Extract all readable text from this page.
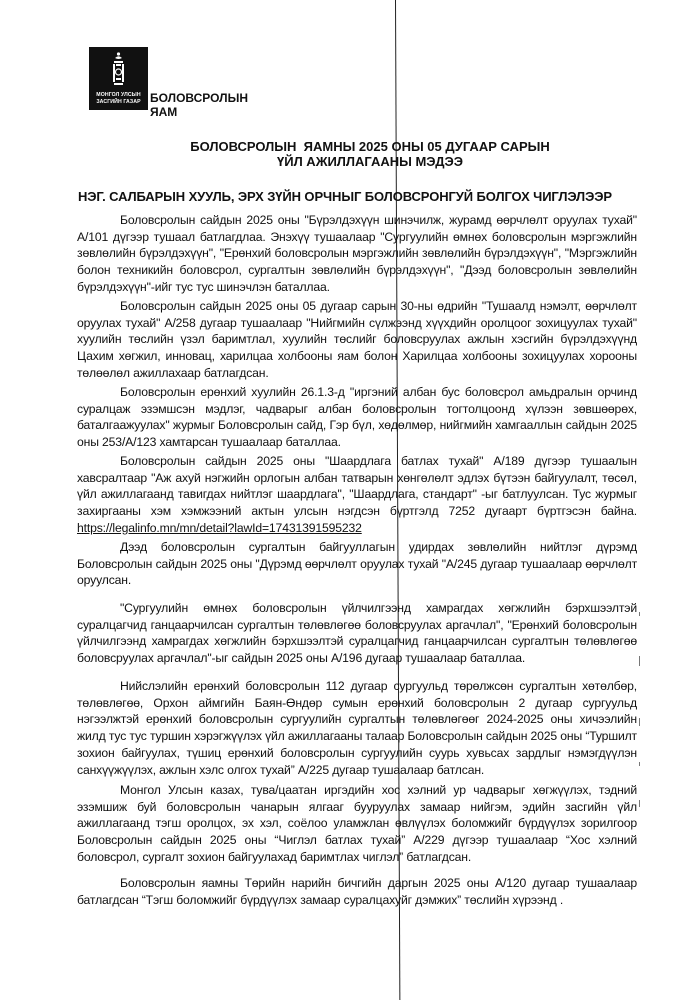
МОНГОЛ УЛСЫН
ЗАСГИЙН ГАЗАР БОЛОВСРОЛЫН
ЯАМ
БОЛОВСРОЛЫН  ЯАМНЫ 2025 ОНЫ 05 ДУГААР САРЫН
ҮЙЛ АЖИЛЛАГААНЫ МЭДЭЭ
НЭГ. САЛБАРЫН ХУУЛЬ, ЭРХ ЗҮЙН ОРЧНЫГ БОЛОВСРОНГУЙ БОЛГОХ ЧИГЛЭЛЭЭР
Боловсролын сайдын 2025 оны "Бүрэлдэхүүн шинэчилж, журамд өөрчлөлт оруулах тухай" А/101 дүгээр тушаал батлагдлаа. Энэхүү тушаалаар "Сургуулийн өмнөх боловсролын мэргэжлийн зөвлөлийн бүрэлдэхүүн", "Ерөнхий боловсролын мэргэжлийн зөвлөлийн бүрэлдэхүүн", "Мэргэжлийн болон техникийн боловсрол, сургалтын зөвлөлийн бүрэлдэхүүн", "Дээд боловсролын зөвлөлийн бүрэлдэхүүн"-ийг тус тус шинэчлэн баталлаа.
Боловсролын сайдын 2025 оны 05 дугаар сарын 30-ны өдрийн "Тушаалд нэмэлт, өөрчлөлт оруулах тухай" А/258 дугаар тушаалаар "Нийгмийн сүлжээнд хүүхдийн оролцоог зохицуулах тухай" хуулийн төслийн үзэл баримтлал, хуулийн төслийг боловсруулах ажлын хэсгийн бүрэлдэхүүнд Цахим хөгжил, инновац, харилцаа холбооны яам болон Харилцаа холбооны зохицуулах хорооны төлөөлөл ажиллахаар батлагдсан.
Боловсролын ерөнхий хуулийн 26.1.3-д "иргэний албан бус боловсрол амьдралын орчинд суралцаж эзэмшсэн мэдлэг, чадварыг албан боловсролын тогтолцоонд хүлээн зөвшөөрөх, баталгаажуулах" журмыг Боловсролын сайд, Гэр бүл, хөдөлмөр, нийгмийн хамгааллын сайдын 2025 оны 253/А/123 хамтарсан тушаалаар баталлаа.
Боловсролын сайдын 2025 оны "Шаардлага батлах тухай" А/189 дүгээр тушаалын хавсралтаар "Аж ахуй нэгжийн орлогын албан татварын хөнгөлөлт эдлэх бүтээн байгуулалт, төсөл, үйл ажиллагаанд тавигдах нийтлэг шаардлага", "Шаардлага, стандарт" -ыг батлуулсан. Тус журмыг захиргааны хэм хэмжээний актын улсын нэгдсэн бүртгэлд 7252 дугаарт бүртгэсэн байна. https://legalinfo.mn/mn/detail?lawId=17431391595232
Дээд боловсролын сургалтын байгууллагын удирдах зөвлөлийн нийтлэг дүрэмд Боловсролын сайдын 2025 оны "Дүрэмд өөрчлөлт оруулах тухай "А/245 дугаар тушаалаар өөрчлөлт оруулсан.
"Сургуулийн өмнөх боловсролын үйлчилгээнд хамрагдах хөгжлийн бэрхшээлтэй суралцагчид ганцаарчилсан сургалтын төлөвлөгөө боловсруулах аргачлал", "Ерөнхий боловсролын үйлчилгээнд хамрагдах хөгжлийн бэрхшээлтэй суралцагчид ганцаарчилсан сургалтын төлөвлөгөө боловсруулах аргачлал"-ыг сайдын 2025 оны А/196 дугаар тушаалаар баталлаа.
Нийслэлийн ерөнхий боловсролын 112 дугаар сургуульд төрөлжсөн сургалтын хөтөлбөр, төлөвлөгөө, Орхон аймгийн Баян-Өндөр сумын ерөнхий боловсролын 2 дугаар сургуульд нэгээлжтэй ерөнхий боловсролын сургуулийн сургалтын төлөвлөгөөг 2024-2025 оны хичээлийн жилд тус тус туршин хэрэгжүүлэх үйл ажиллагааны талаар Боловсролын сайдын 2025 оны “Туршилт зохион байгуулах, түшиц ерөнхий боловсролын сургуулийн суурь хувьсах зардлыг нэмэгдүүлэн санхүүжүүлэх, ажлын хэлс олгох тухай” А/225 дугаар тушаалаар батлсан.
Монгол Улсын казах, тува/цаатан иргэдийн хос хэлний ур чадварыг хөгжүүлэх, тэдний эзэмшиж буй боловсролын чанарын ялгааг бууруулах замаар нийгэм, эдийн засгийн үйл ажиллагаанд тэгш оролцох, эх хэл, соёлоо уламжлан өвлүүлэх боломжийг бүрдүүлэх зорилгоор Боловсролын сайдын 2025 оны “Чиглэл батлах тухай” А/229 дүгээр тушаалаар “Хос хэлний боловсрол, сургалт зохион байгуулахад баримтлах чиглэл” батлагдсан.
Боловсролын яамны Төрийн нарийн бичгийн даргын 2025 оны А/120 дугаар тушаалаар батлагдсан “Тэгш боломжийг бүрдүүлэх замаар суралцахуйг дэмжих” төслийн хүрээнд .
